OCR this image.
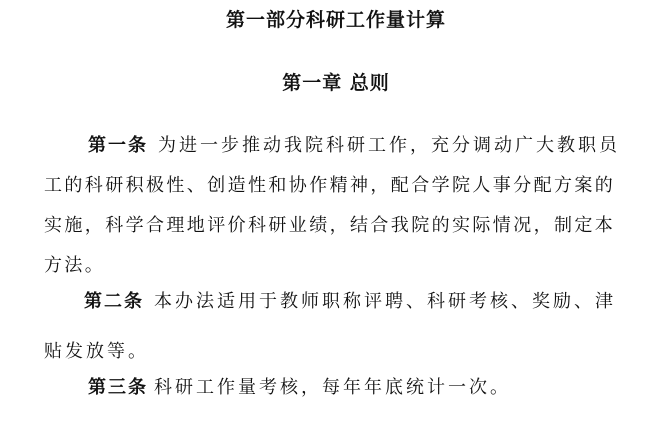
第一部分科研工作量计算
第一章 总则
第一条 为进一步推动我院科研工作，充分调动广大教职员
工的科研积极性、创造性和协作精神，配合学院人事分配方案的
实施，科学合理地评价科研业绩，结合我院的实际情况，制定本
方法。
第二条 本办法适用于教师职称评聘、科研考核、奖励、津
贴发放等。
第三条 科研工作量考核，每年年底统计一次。
